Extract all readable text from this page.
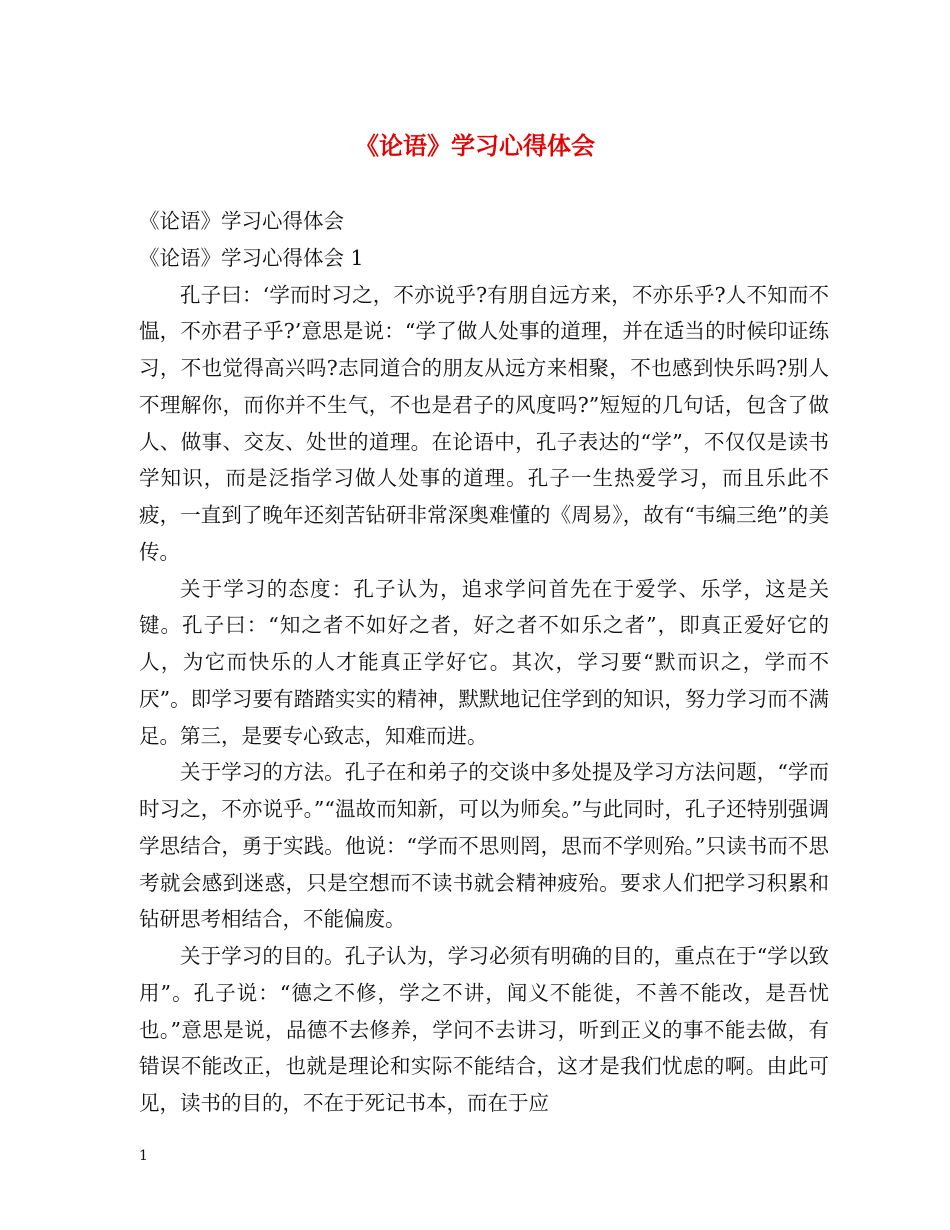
《论语》学习心得体会

《论语》学习心得体会

《论语》学习心得体会 1

孔子曰：‘学而时习之，不亦说乎?有朋自远方来，不亦乐乎?人不知而不愠，不亦君子乎?’意思是说：“学了做人处事的道理，并在适当的时候印证练习，不也觉得高兴吗?志同道合的朋友从远方来相聚，不也感到快乐吗?别人不理解你，而你并不生气，不也是君子的风度吗?”短短的几句话，包含了做人、做事、交友、处世的道理。在论语中，孔子表达的“学”，不仅仅是读书学知识，而是泛指学习做人处事的道理。孔子一生热爱学习，而且乐此不疲，一直到了晚年还刻苦钻研非常深奥难懂的《周易》，故有“韦编三绝”的美传。

关于学习的态度：孔子认为，追求学问首先在于爱学、乐学，这是关键。孔子曰：“知之者不如好之者，好之者不如乐之者”，即真正爱好它的人，为它而快乐的人才能真正学好它。其次，学习要“默而识之，学而不厌”。即学习要有踏踏实实的精神，默默地记住学到的知识，努力学习而不满足。第三，是要专心致志，知难而进。

关于学习的方法。孔子在和弟子的交谈中多处提及学习方法问题，“学而时习之，不亦说乎。”“温故而知新，可以为师矣。”与此同时，孔子还特别强调学思结合，勇于实践。他说：“学而不思则罔，思而不学则殆。”只读书而不思考就会感到迷惑，只是空想而不读书就会精神疲殆。要求人们把学习积累和钻研思考相结合，不能偏废。

关于学习的目的。孔子认为，学习必须有明确的目的，重点在于“学以致用”。孔子说：“德之不修，学之不讲，闻义不能徙，不善不能改，是吾忧也。”意思是说，品德不去修养，学问不去讲习，听到正义的事不能去做，有错误不能改正，也就是理论和实际不能结合，这才是我们忧虑的啊。由此可见，读书的目的，不在于死记书本，而在于应

1
